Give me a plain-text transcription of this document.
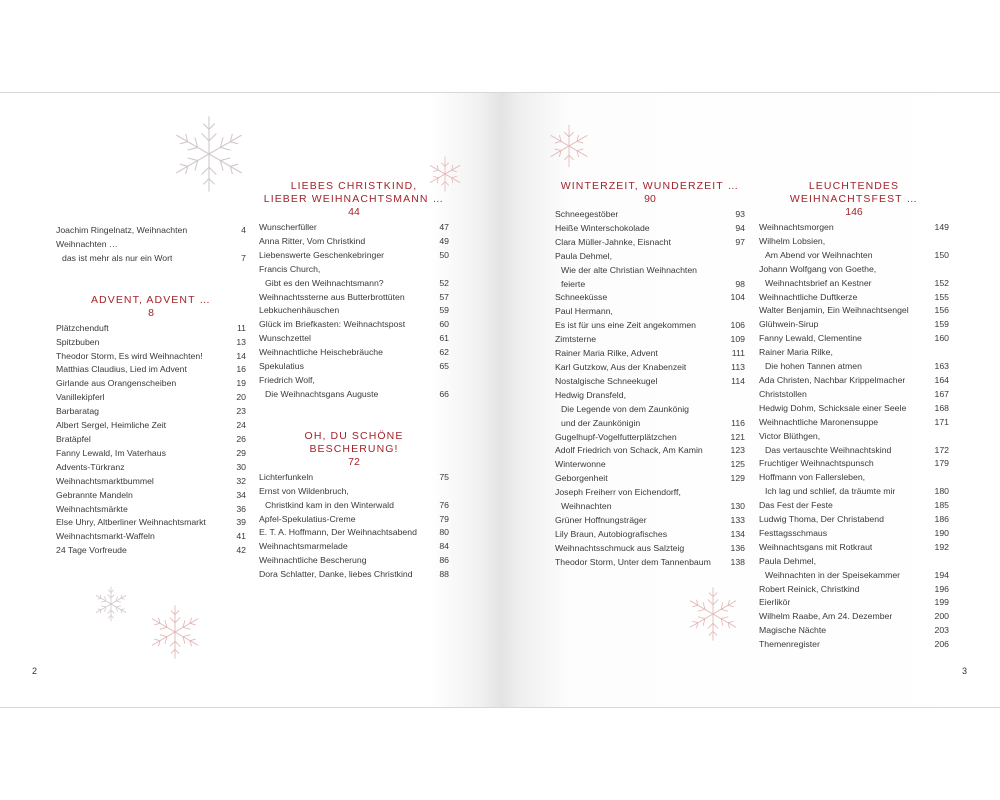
2	3
Joachim Ringelnatz, Weihnachten	4
Weihnachten …
das ist mehr als nur ein Wort	7
ADVENT, ADVENT …
8
Plätzchenduft	11
Spitzbuben	13
Theodor Storm, Es wird Weihnachten!	14
Matthias Claudius, Lied im Advent	16
Girlande aus Orangenscheiben	19
Vanillekipferl	20
Barbaratag	23
Albert Sergel, Heimliche Zeit	24
Bratäpfel	26
Fanny Lewald, Im Vaterhaus	29
Advents-Türkranz	30
Weihnachtsmarktbummel	32
Gebrannte Mandeln	34
Weihnachtsmärkte	36
Else Uhry, Altberliner Weihnachtsmarkt	39
Weihnachtsmarkt-Waffeln	41
24 Tage Vorfreude	42
LIEBES CHRISTKIND,
LIEBER WEIHNACHTSMANN …
44
Wunscherfüller	47
Anna Ritter, Vom Christkind	49
Liebenswerte Geschenkebringer	50
Francis Church,
Gibt es den Weihnachtsmann?	52
Weihnachtssterne aus Butterbrottüten	57
Lebkuchenhäuschen	59
Glück im Briefkasten: Weihnachtspost	60
Wunschzettel	61
Weihnachtliche Heischebräuche	62
Spekulatius	65
Friedrich Wolf,
Die Weihnachtsgans Auguste	66
OH, DU SCHÖNE BESCHERUNG!
72
Lichterfunkeln	75
Ernst von Wildenbruch,
Christkind kam in den Winterwald	76
Apfel-Spekulatius-Creme	79
E. T. A. Hoffmann, Der Weihnachtsabend	80
Weihnachtsmarmelade	84
Weihnachtliche Bescherung	86
Dora Schlatter, Danke, liebes Christkind	88
WINTERZEIT, WUNDERZEIT …
90
Schneegestöber	93
Heiße Winterschokolade	94
Clara Müller-Jahnke, Eisnacht	97
Paula Dehmel,
Wie der alte Christian Weihnachten
feierte	98
Schneeküsse	104
Paul Hermann,
Es ist für uns eine Zeit angekommen	106
Zimtsterne	109
Rainer Maria Rilke, Advent	111
Karl Gutzkow, Aus der Knabenzeit	113
Nostalgische Schneekugel	114
Hedwig Dransfeld,
Die Legende von dem Zaunkönig
und der Zaunkönigin	116
Gugelhupf-Vogelfutterplätzchen	121
Adolf Friedrich von Schack, Am Kamin	123
Winterwonne	125
Geborgenheit	129
Joseph Freiherr von Eichendorff,
Weihnachten	130
Grüner Hoffnungsträger	133
Lily Braun, Autobiografisches	134
Weihnachtsschmuck aus Salzteig	136
Theodor Storm, Unter dem Tannenbaum	138
LEUCHTENDES WEIHNACHTSFEST …
146
Weihnachtsmorgen	149
Wilhelm Lobsien,
Am Abend vor Weihnachten	150
Johann Wolfgang von Goethe,
Weihnachtsbrief an Kestner	152
Weihnachtliche Duftkerze	155
Walter Benjamin, Ein Weihnachtsengel	156
Glühwein-Sirup	159
Fanny Lewald, Clementine	160
Rainer Maria Rilke,
Die hohen Tannen atmen	163
Ada Christen, Nachbar Krippelmacher	164
Christstollen	167
Hedwig Dohm, Schicksale einer Seele	168
Weihnachtliche Maronensuppe	171
Victor Blüthgen,
Das vertauschte Weihnachtskind	172
Fruchtiger Weihnachtspunsch	179
Hoffmann von Fallersleben,
Ich lag und schlief, da träumte mir	180
Das Fest der Feste	185
Ludwig Thoma, Der Christabend	186
Festtagsschmaus	190
Weihnachtsgans mit Rotkraut	192
Paula Dehmel,
Weihnachten in der Speisekammer	194
Robert Reinick, Christkind	196
Eierlikör	199
Wilhelm Raabe, Am 24. Dezember	200
Magische Nächte	203
Themenregister	206
